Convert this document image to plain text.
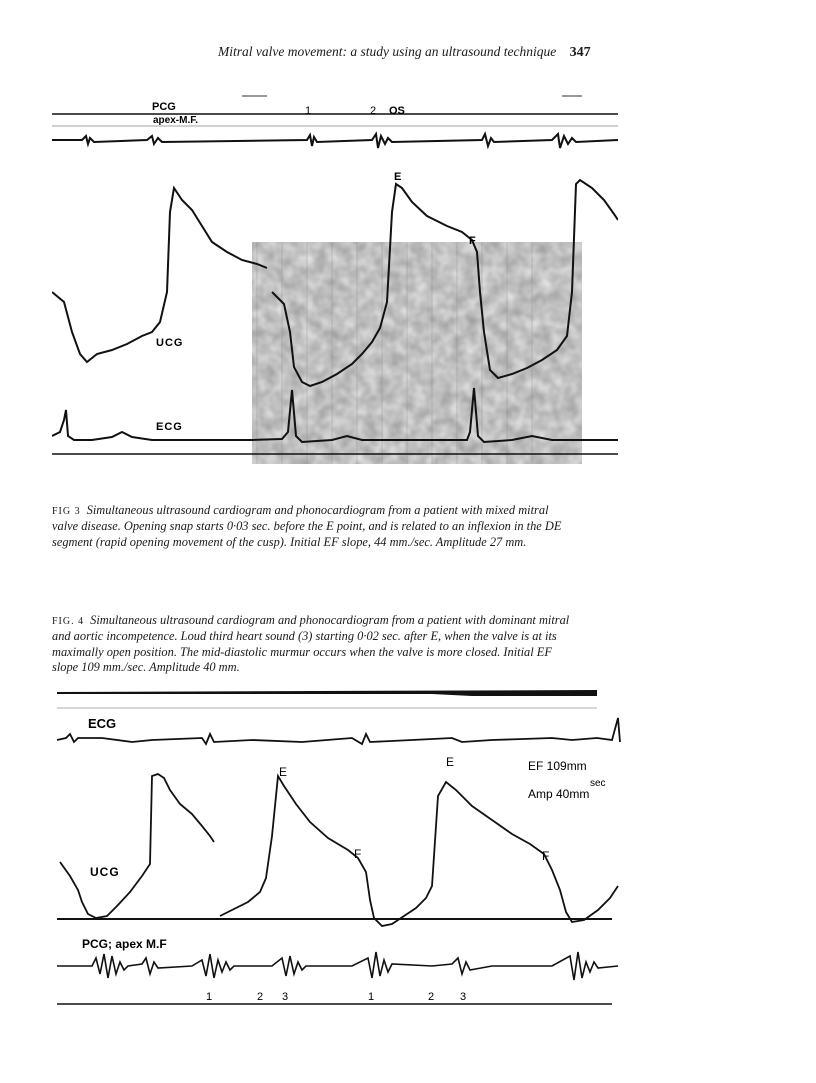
Mitral valve movement: a study using an ultrasound technique 347
PCG
apex-M.F.
1	2 OS
E
F
UCG
ECG
FIG 3 Simultaneous ultrasound cardiogram and phonocardiogram from a patient with mixed mitral valve disease. Opening snap starts 0·03 sec. before the E point, and is related to an inflexion in the DE segment (rapid opening movement of the cusp). Initial EF slope, 44 mm./sec. Amplitude 27 mm.
FIG. 4 Simultaneous ultrasound cardiogram and phonocardiogram from a patient with dominant mitral and aortic incompetence. Loud third heart sound (3) starting 0·02 sec. after E, when the valve is at its maximally open position. The mid-diastolic murmur occurs when the valve is more closed. Initial EF slope 109 mm./sec. Amplitude 40 mm.
ECG
E
E
F	F
EF 109mm
sec
Amp 40mm
UCG
PCG; apex M.F
1	2 3	1	2 3
